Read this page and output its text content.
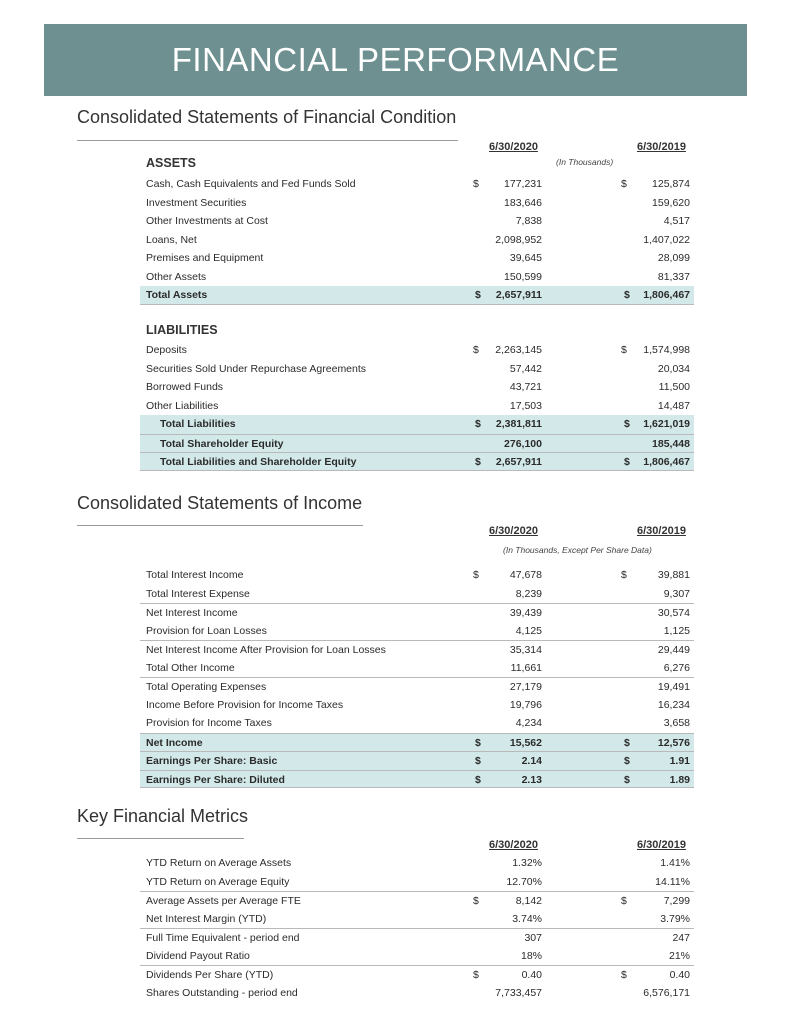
FINANCIAL PERFORMANCE
Consolidated Statements of Financial Condition
6/30/2020	6/30/2019
(In Thousands)
ASSETS
Cash, Cash Equivalents and Fed Funds Sold	$ 177,231	$ 125,874
Investment Securities	183,646	159,620
Other Investments at Cost	7,838	4,517
Loans, Net	2,098,952	1,407,022
Premises and Equipment	39,645	28,099
Other Assets	150,599	81,337
Total Assets	$ 2,657,911	$ 1,806,467
LIABILITIES
Deposits	$ 2,263,145	$ 1,574,998
Securities Sold Under Repurchase Agreements	57,442	20,034
Borrowed Funds	43,721	11,500
Other Liabilities	17,503	14,487
Total Liabilities	$ 2,381,811	$ 1,621,019
Total Shareholder Equity	276,100	185,448
Total Liabilities and Shareholder Equity	$ 2,657,911	$ 1,806,467
Consolidated Statements of Income
6/30/2020	6/30/2019
(In Thousands, Except Per Share Data)
Total Interest Income	$	47,678	$	39,881
Total Interest Expense	8,239	9,307
Net Interest Income	39,439	30,574
Provision for Loan Losses	4,125	1,125
Net Interest Income After Provision for Loan Losses	35,314	29,449
Total Other Income	11,661	6,276
Total Operating Expenses	27,179	19,491
Income Before Provision for Income Taxes	19,796	16,234
Provision for Income Taxes	4,234	3,658
Net Income	$	15,562	$	12,576
Earnings Per Share: Basic	$	2.14	$	1.91
Earnings Per Share: Diluted	$	2.13	$	1.89
Key Financial Metrics
6/30/2020	6/30/2019
YTD Return on Average Assets	1.32%	1.41%
YTD Return on Average Equity	12.70%	14.11%
Average Assets per Average FTE	$	8,142	$	7,299
Net Interest Margin (YTD)	3.74%	3.79%
Full Time Equivalent - period end	307	247
Dividend Payout Ratio	18%	21%
Dividends Per Share (YTD)	$	0.40	$	0.40
Shares Outstanding - period end	7,733,457	6,576,171
